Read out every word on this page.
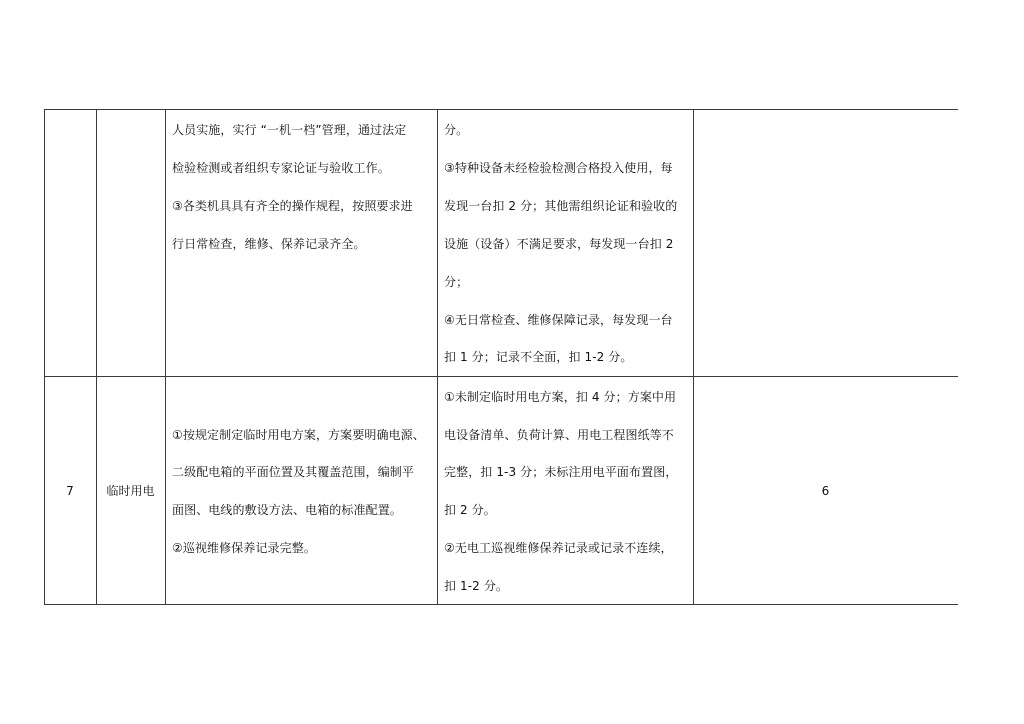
人员实施，实行 “一机一档”管理，通过法定
检验检测或者组织专家论证与验收工作。
③各类机具具有齐全的操作规程，按照要求进
行日常检查，维修、保养记录齐全。
分。
③特种设备未经检验检测合格投入使用，每
发现一台扣 2 分；其他需组织论证和验收的
设施（设备）不满足要求，每发现一台扣 2
分；
④无日常检查、维修保障记录，每发现一台
扣 1 分；记录不全面，扣 1-2 分。
7	临时用电
①按规定制定临时用电方案，方案要明确电源、
二级配电箱的平面位置及其覆盖范围，编制平
面图、电线的敷设方法、电箱的标准配置。
②巡视维修保养记录完整。
①未制定临时用电方案，扣 4 分；方案中用
电设备清单、负荷计算、用电工程图纸等不
完整，扣 1-3 分；未标注用电平面布置图，
扣 2 分。
②无电工巡视维修保养记录或记录不连续，
扣 1-2 分。
6
